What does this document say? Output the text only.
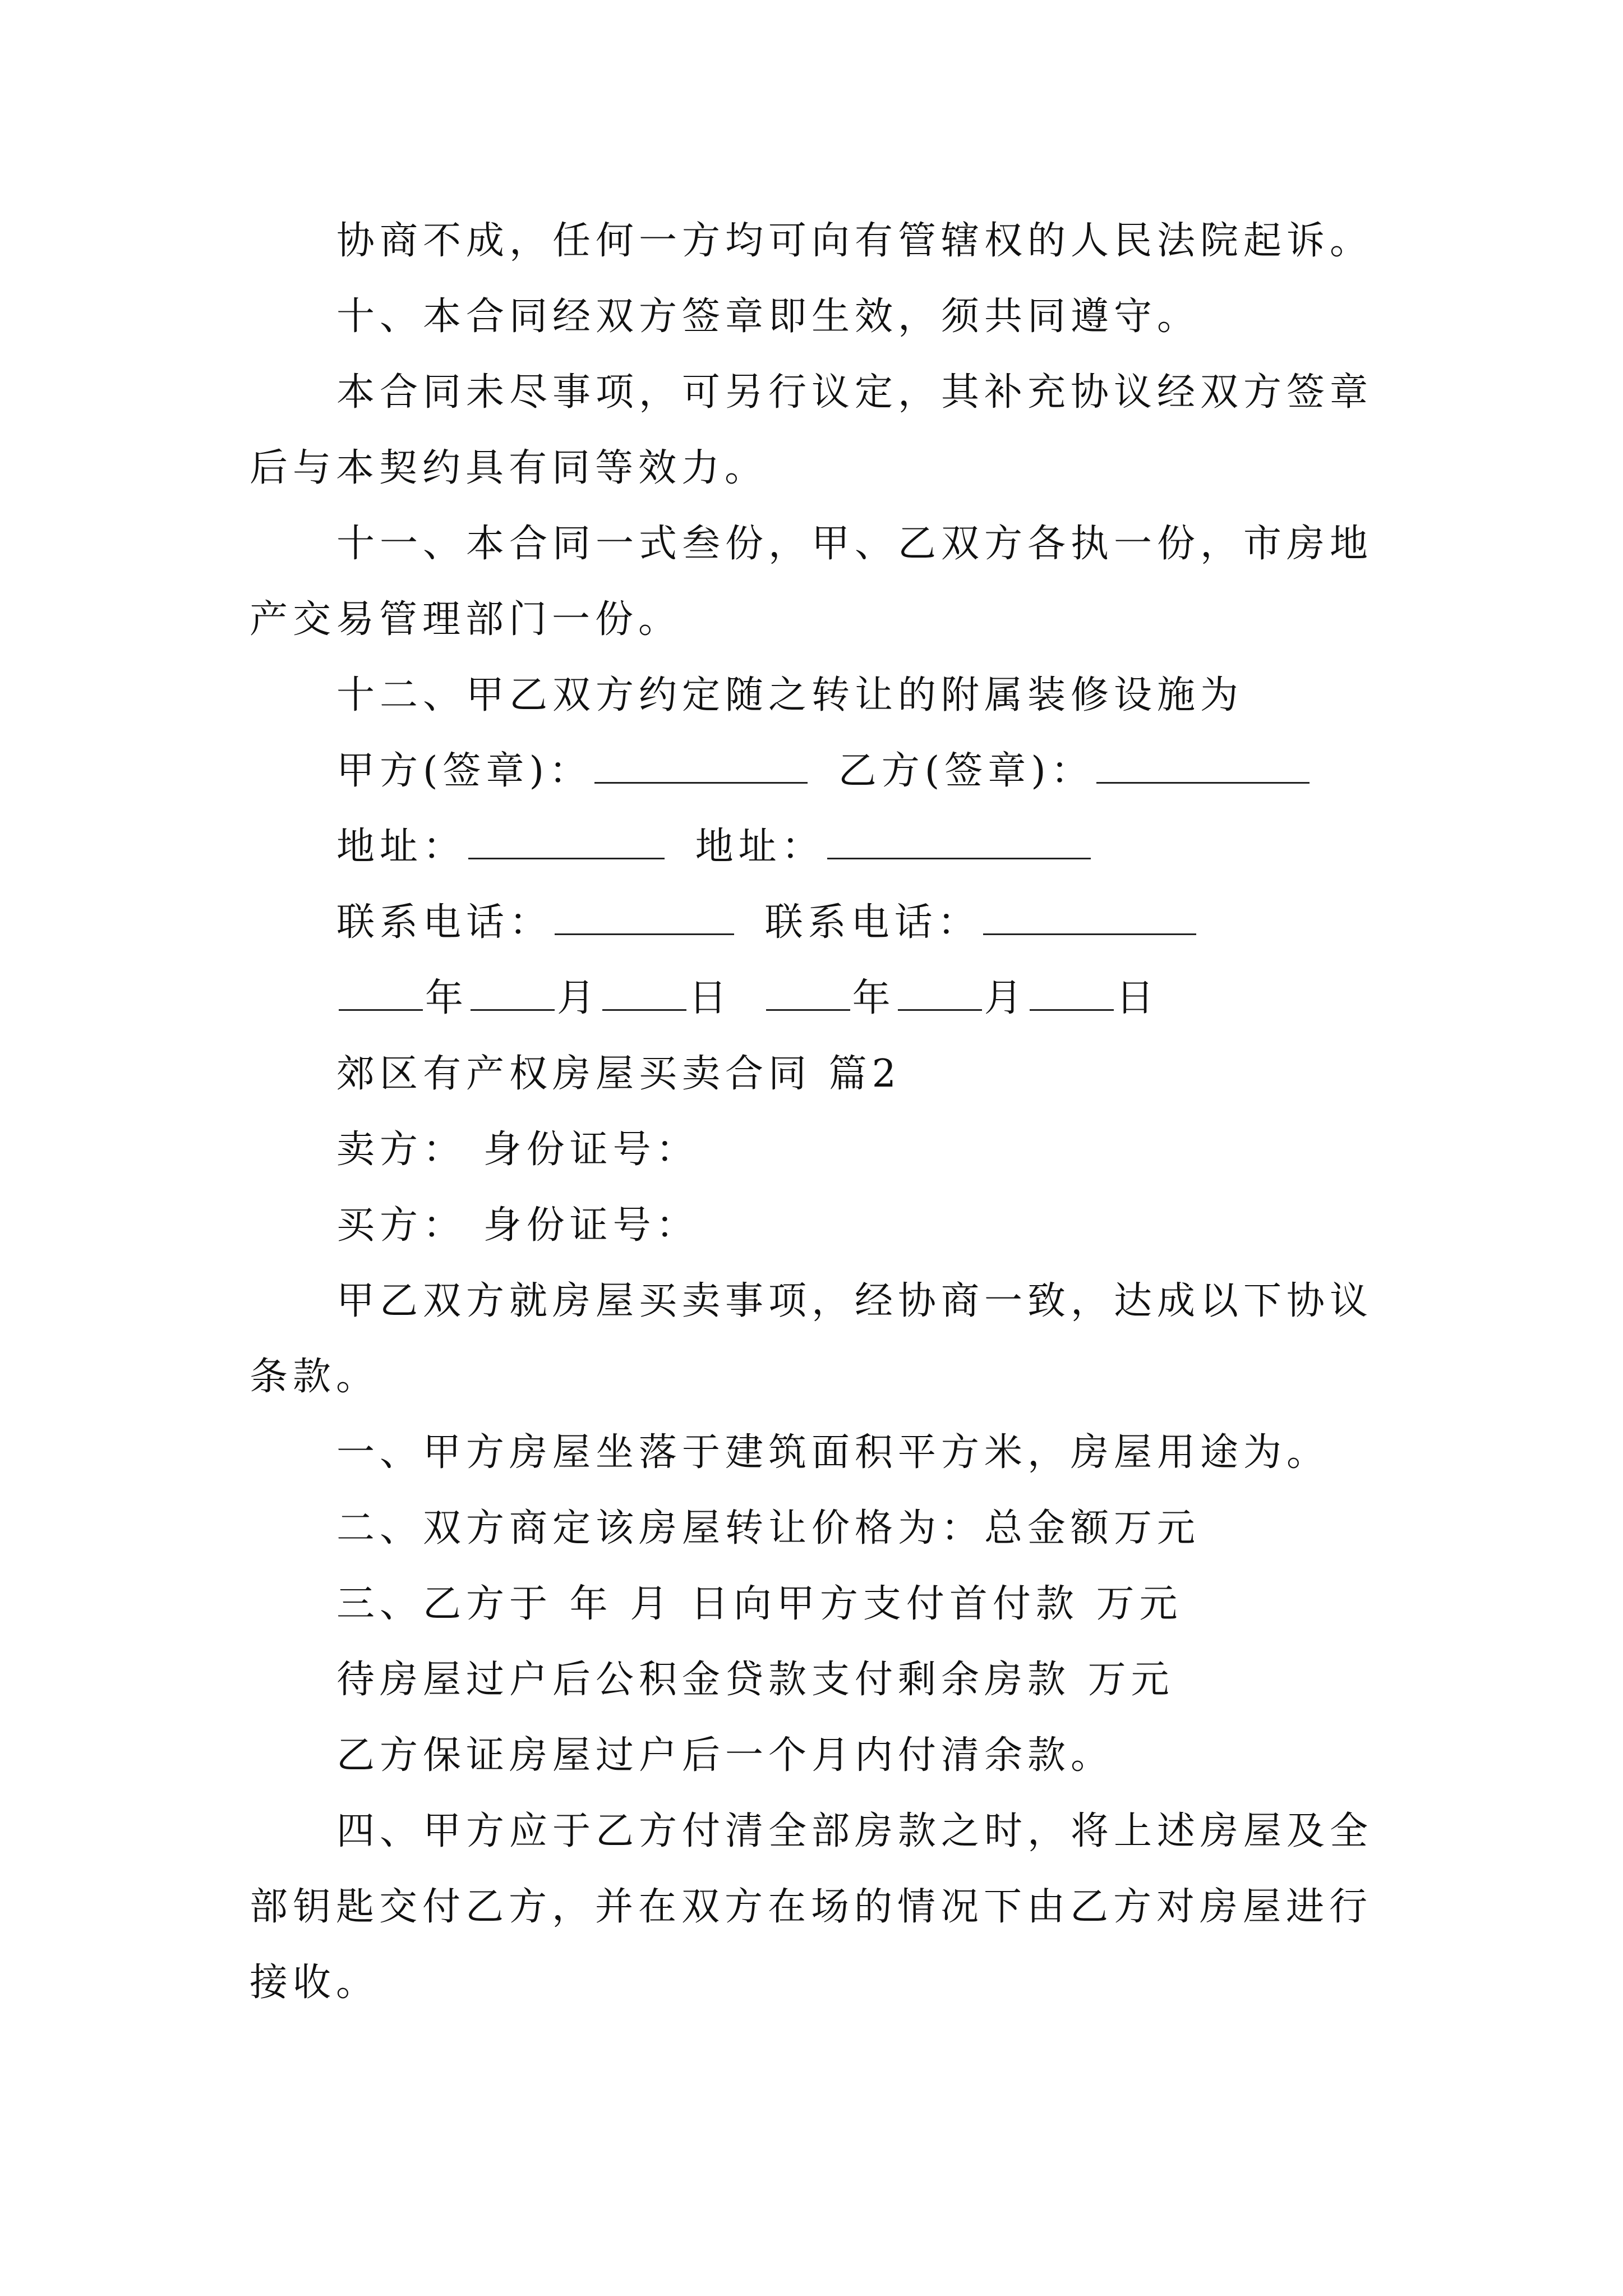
协商不成，任何一方均可向有管辖权的人民法院起诉。

十、本合同经双方签章即生效，须共同遵守。

本合同未尽事项，可另行议定，其补充协议经双方签章

后与本契约具有同等效力。

十一、本合同一式叁份，甲、乙双方各执一份，市房地

产交易管理部门一份。

十二、甲乙双方约定随之转让的附属装修设施为

甲方(签章)：	乙方(签章)：

地址：	地址：

联系电话：	联系电话：

年 月 日	年 月 日

郊区有产权房屋买卖合同 篇2

卖方： 身份证号：

买方： 身份证号：

甲乙双方就房屋买卖事项，经协商一致，达成以下协议

条款。

一、甲方房屋坐落于建筑面积平方米，房屋用途为。

二、双方商定该房屋转让价格为：总金额万元

三、乙方于 年 月 日向甲方支付首付款 万元

待房屋过户后公积金贷款支付剩余房款 万元

乙方保证房屋过户后一个月内付清余款。

四、甲方应于乙方付清全部房款之时，将上述房屋及全

部钥匙交付乙方，并在双方在场的情况下由乙方对房屋进行

接收。
